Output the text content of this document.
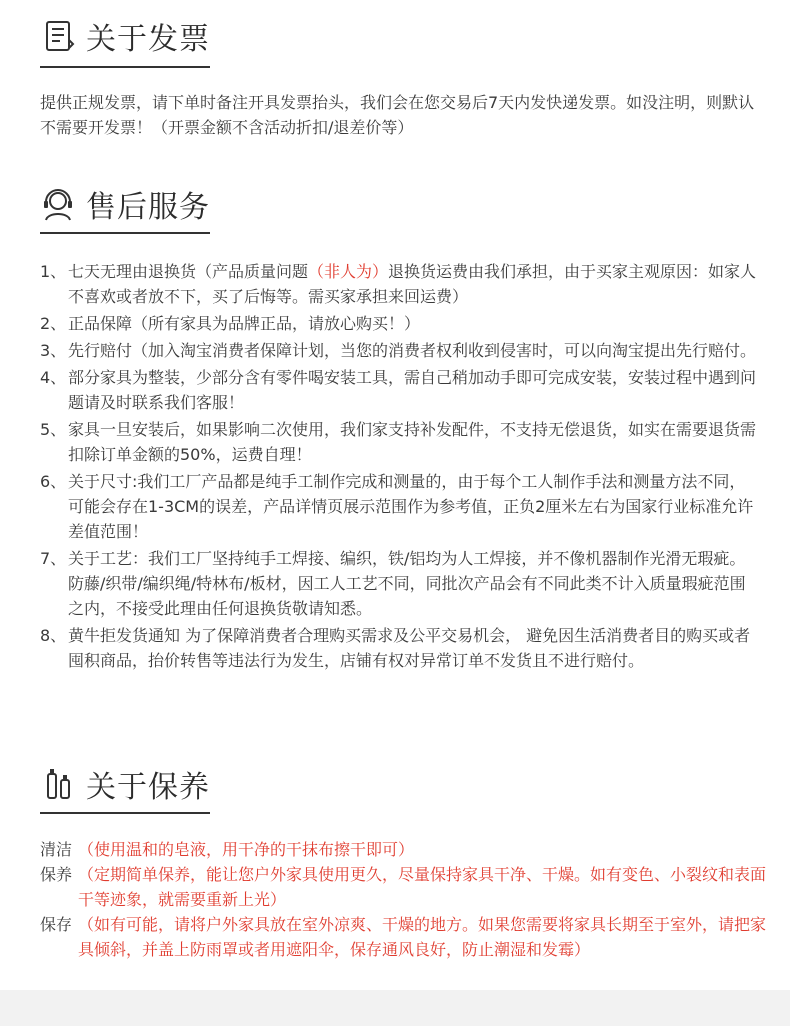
关于发票
提供正规发票，请下单时备注开具发票抬头，我们会在您交易后7天内发快递发票。如没注明，则默认不需要开发票！（开票金额不含活动折扣/退差价等）
售后服务
1、 七天无理由退换货（产品质量问题（非人为）退换货运费由我们承担，由于买家主观原因：如家人不喜欢或者放不下，买了后悔等。需买家承担来回运费）
2、 正品保障（所有家具为品牌正品，请放心购买！）
3、 先行赔付（加入淘宝消费者保障计划，当您的消费者权利收到侵害时，可以向淘宝提出先行赔付。
4、 部分家具为整装，少部分含有零件喝安装工具，需自己稍加动手即可完成安装，安装过程中遇到问题请及时联系我们客服！
5、 家具一旦安装后，如果影响二次使用，我们家支持补发配件，不支持无偿退货，如实在需要退货需扣除订单金额的50%，运费自理！
6、 关于尺寸:我们工厂产品都是纯手工制作完成和测量的，由于每个工人制作手法和测量方法不同，可能会存在1-3CM的误差，产品详情页展示范围作为参考值，正负2厘米左右为国家行业标准允许差值范围！
7、 关于工艺：我们工厂坚持纯手工焊接、编织，铁/铝均为人工焊接，并不像机器制作光滑无瑕疵。防藤/织带/编织绳/特林布/板材，因工人工艺不同，同批次产品会有不同此类不计入质量瑕疵范围之内，不接受此理由任何退换货敬请知悉。
8、 黄牛拒发货通知 为了保障消费者合理购买需求及公平交易机会， 避免因生活消费者目的购买或者囤积商品，抬价转售等违法行为发生，店铺有权对异常订单不发货且不进行赔付。
关于保养
清洁 （使用温和的皂液，用干净的干抹布擦干即可）
保养 （定期简单保养，能让您户外家具使用更久，尽量保持家具干净、干燥。如有变色、小裂纹和表面干等迹象，就需要重新上光）
保存 （如有可能，请将户外家具放在室外凉爽、干燥的地方。如果您需要将家具长期至于室外，请把家具倾斜，并盖上防雨罩或者用遮阳伞，保存通风良好，防止潮湿和发霉）
